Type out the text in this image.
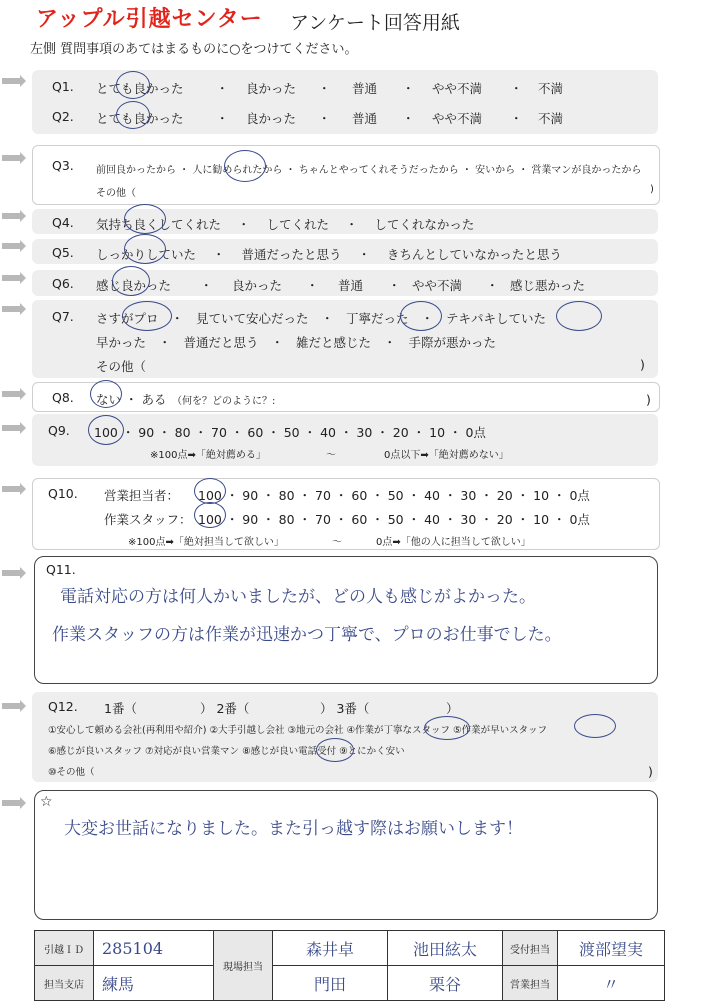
アップル引越センター アンケート回答用紙
左側 質問事項のあてはまるものに○をつけてください。
Q1. とても良かった	・ 良かった ・ 普通 ・ やや不満 ・ 不満
Q2. とても良かった	・ 良かった ・ 普通 ・ やや不満 ・ 不満
Q3. 前回良かったから ・ 人に勧められたから ・ ちゃんとやってくれそうだったから ・ 安いから ・ 営業マンが良かったから
その他（	)
Q4. 気持ち良くしてくれた　 ・ 　してくれた　 ・ 　してくれなかった
Q5. しっかりしていた　 ・ 　普通だったと思う　 ・ 　きちんとしていなかったと思う
Q6. 感じ良かった ・ 良かった ・ 普通 ・ やや不満 ・ 感じ悪かった
Q7. さすがプロ　・　見ていて安心だった　・　丁寧だった　・　テキパキしていた
早かった　・　普通だと思う　・　雑だと感じた　・　手際が悪かった
その他（	)
Q8. ない ・ ある （何を？どのように？:	)
Q9. 100 ・ 90 ・ 80 ・ 70 ・ 60 ・ 50 ・ 40 ・ 30 ・ 20 ・ 10 ・ 0点
※100点➡「絶対薦める」	〜	0点以下➡「絶対薦めない」
Q10. 営業担当者： 100 ・ 90 ・ 80 ・ 70 ・ 60 ・ 50 ・ 40 ・ 30 ・ 20 ・ 10 ・ 0点
作業スタッフ： 100 ・ 90 ・ 80 ・ 70 ・ 60 ・ 50 ・ 40 ・ 30 ・ 20 ・ 10 ・ 0点
※100点➡「絶対担当して欲しい」	〜	0点➡「他の人に担当して欲しい」
Q11.
電話対応の方は何人かいましたが、どの人も感じがよかった。
作業スタッフの方は作業が迅速かつ丁寧で、プロのお仕事でした。
Q12. 1番（	） 2番（	） 3番（	）
①安心して頼める会社(再利用や紹介) ②大手引越し会社 ③地元の会社 ④作業が丁寧なスタッフ ⑤作業が早いスタッフ
⑥感じが良いスタッフ ⑦対応が良い営業マン ⑧感じが良い電話受付 ⑨とにかく安い
⑩その他（	)
☆
大変お世話になりました。また引っ越す際はお願いします！
引越ＩＤ	285104	現場担当	森井卓	池田絃太	受付担当	渡部望実
担当支店	練馬		門田	栗谷	営業担当	〃
